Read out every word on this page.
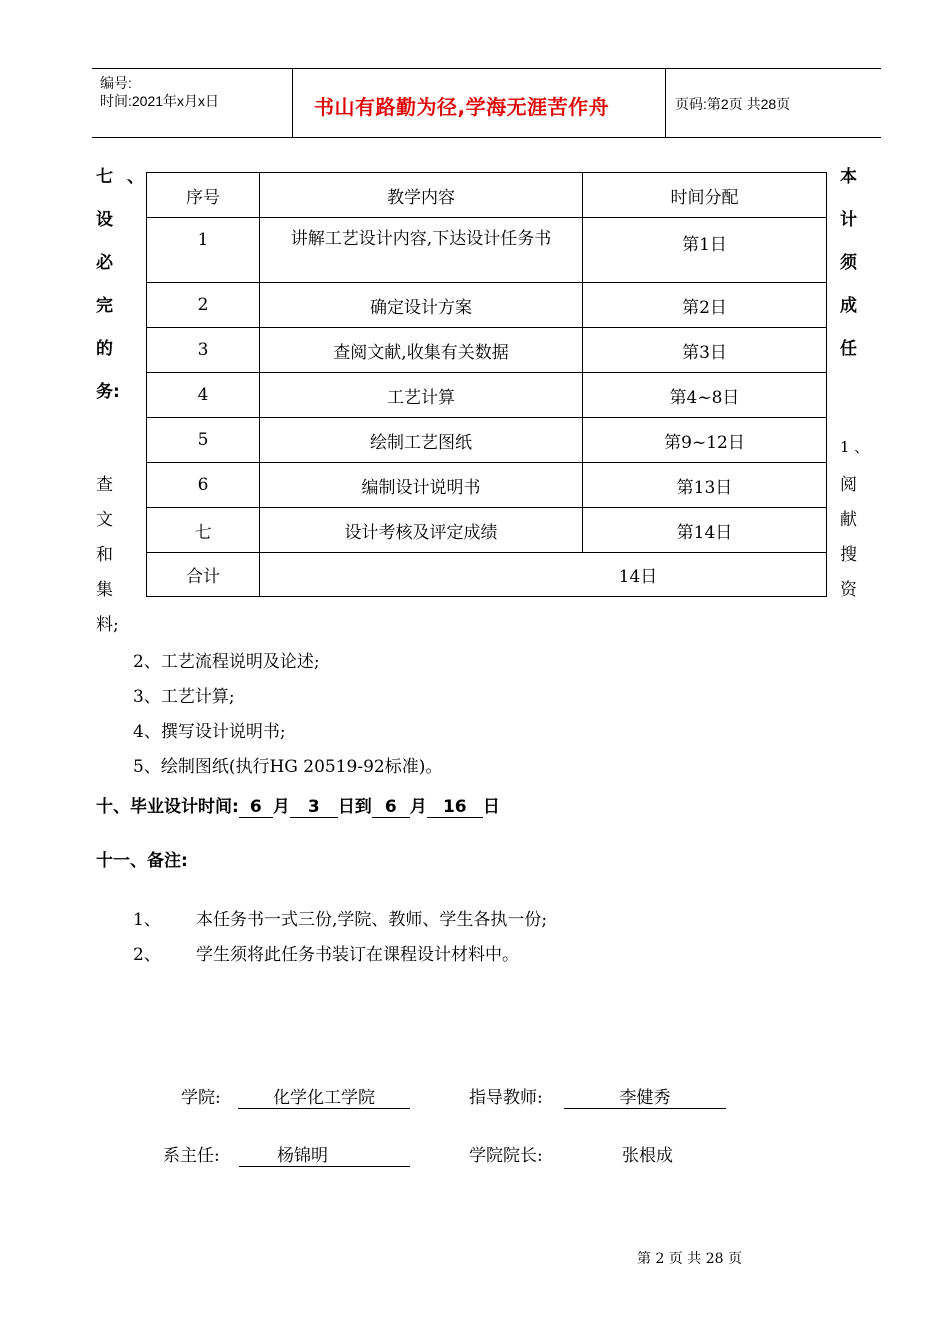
编号:
时间:2021年x月x日	书山有路勤为径,学海无涯苦作舟	页码:第2页 共28页
七 、
设
必
完
的
务:
查
文
和
集
料;
本
计
须
成
任
1 、
阅
献
搜
资
序号	教学内容	时间分配
1	讲解工艺设计内容,下达设计任务书	第1日
2	确定设计方案	第2日
3	查阅文献,收集有关数据	第3日
4	工艺计算	第4~8日
5	绘制工艺图纸	第9~12日
6	编制设计说明书	第13日
七	设计考核及评定成绩	第14日
合计	14日	
2、工艺流程说明及论述;
3、工艺计算;
4、撰写设计说明书;
5、绘制图纸(执行HG 20519-92标准)。
十、毕业设计时间: 6 月 3 日到 6 月 16 日
十一、备注:
1、 本任务书一式三份,学院、教师、学生各执一份;
2、 学生须将此任务书装订在课程设计材料中。
学院:	化学化工学院	指导教师:	李健秀
系主任:	杨锦明	学院院长:	张根成
第 2 页 共 28 页
